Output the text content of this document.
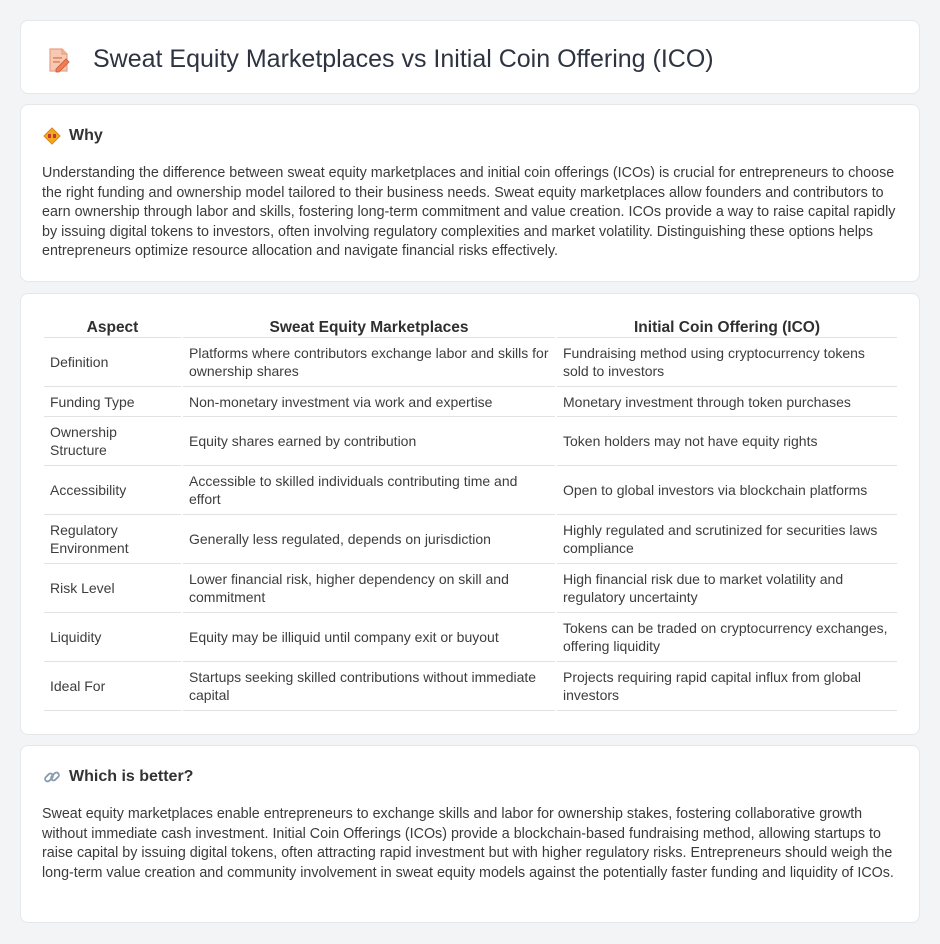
Sweat Equity Marketplaces vs Initial Coin Offering (ICO)
Why

Understanding the difference between sweat equity marketplaces and initial coin offerings (ICOs) is crucial for entrepreneurs to choose the right funding and ownership model tailored to their business needs. Sweat equity marketplaces allow founders and contributors to earn ownership through labor and skills, fostering long-term commitment and value creation. ICOs provide a way to raise capital rapidly by issuing digital tokens to investors, often involving regulatory complexities and market volatility. Distinguishing these options helps entrepreneurs optimize resource allocation and navigate financial risks effectively.

Aspect	Sweat Equity Marketplaces	Initial Coin Offering (ICO)
Definition	Platforms where contributors exchange labor and skills for ownership shares	Fundraising method using cryptocurrency tokens sold to investors
Funding Type	Non-monetary investment via work and expertise	Monetary investment through token purchases
Ownership Structure	Equity shares earned by contribution	Token holders may not have equity rights
Accessibility	Accessible to skilled individuals contributing time and effort	Open to global investors via blockchain platforms
Regulatory Environment	Generally less regulated, depends on jurisdiction	Highly regulated and scrutinized for securities laws compliance
Risk Level	Lower financial risk, higher dependency on skill and commitment	High financial risk due to market volatility and regulatory uncertainty
Liquidity	Equity may be illiquid until company exit or buyout	Tokens can be traded on cryptocurrency exchanges, offering liquidity
Ideal For	Startups seeking skilled contributions without immediate capital	Projects requiring rapid capital influx from global investors
Which is better?

Sweat equity marketplaces enable entrepreneurs to exchange skills and labor for ownership stakes, fostering collaborative growth without immediate cash investment. Initial Coin Offerings (ICOs) provide a blockchain-based fundraising method, allowing startups to raise capital by issuing digital tokens, often attracting rapid investment but with higher regulatory risks. Entrepreneurs should weigh the long-term value creation and community involvement in sweat equity models against the potentially faster funding and liquidity of ICOs.
